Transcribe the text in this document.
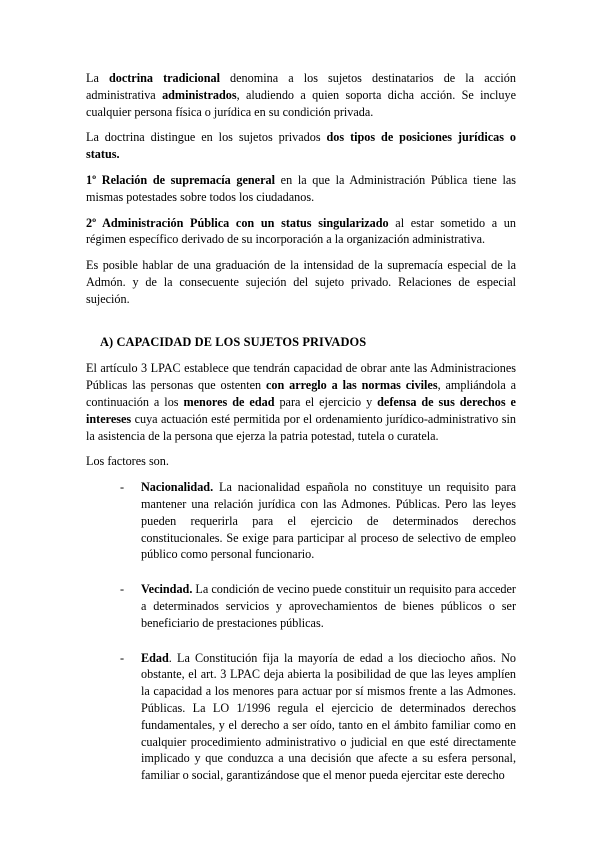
La doctrina tradicional denomina a los sujetos destinatarios de la acción administrativa administrados, aludiendo a quien soporta dicha acción. Se incluye cualquier persona física o jurídica en su condición privada.

La doctrina distingue en los sujetos privados dos tipos de posiciones jurídicas o status.

1º Relación de supremacía general en la que la Administración Pública tiene las mismas potestades sobre todos los ciudadanos.

2º Administración Pública con un status singularizado al estar sometido a un régimen específico derivado de su incorporación a la organización administrativa.

Es posible hablar de una graduación de la intensidad de la supremacía especial de la Admón. y de la consecuente sujeción del sujeto privado. Relaciones de especial sujeción.

A) CAPACIDAD DE LOS SUJETOS PRIVADOS

El artículo 3 LPAC establece que tendrán capacidad de obrar ante las Administraciones Públicas las personas que ostenten con arreglo a las normas civiles, ampliándola a continuación a los menores de edad para el ejercicio y defensa de sus derechos e intereses cuya actuación esté permitida por el ordenamiento jurídico-administrativo sin la asistencia de la persona que ejerza la patria potestad, tutela o curatela.

Los factores son.

- Nacionalidad. La nacionalidad española no constituye un requisito para mantener una relación jurídica con las Admones. Públicas. Pero las leyes pueden requerirla para el ejercicio de determinados derechos constitucionales. Se exige para participar al proceso de selectivo de empleo público como personal funcionario.

- Vecindad. La condición de vecino puede constituir un requisito para acceder a determinados servicios y aprovechamientos de bienes públicos o ser beneficiario de prestaciones públicas.

- Edad. La Constitución fija la mayoría de edad a los dieciocho años. No obstante, el art. 3 LPAC deja abierta la posibilidad de que las leyes amplíen la capacidad a los menores para actuar por sí mismos frente a las Admones. Públicas. La LO 1/1996 regula el ejercicio de determinados derechos fundamentales, y el derecho a ser oído, tanto en el ámbito familiar como en cualquier procedimiento administrativo o judicial en que esté directamente implicado y que conduzca a una decisión que afecte a su esfera personal, familiar o social, garantizándose que el menor pueda ejercitar este derecho
